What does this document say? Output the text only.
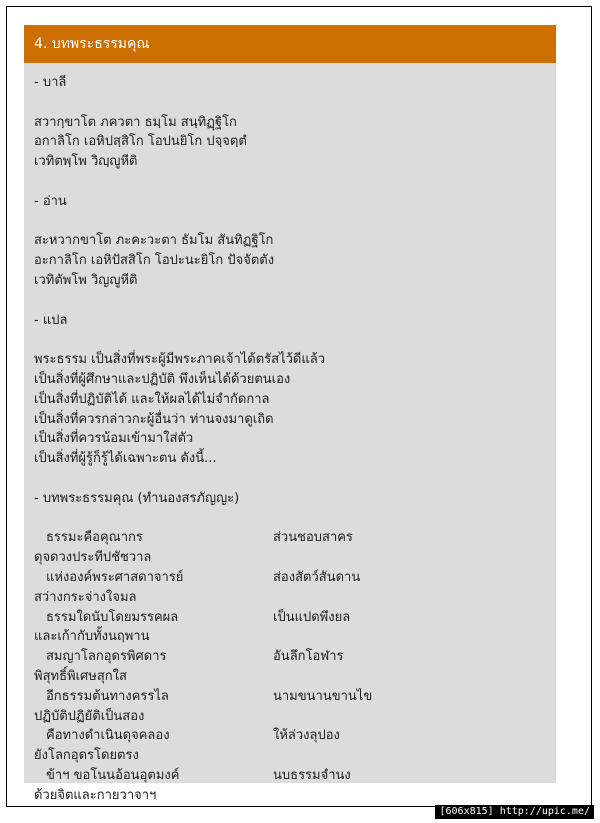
4. บทพระธรรมคุณ
- บาลี
สวากฺขาโต ภควตา ธมฺโม สนฺทิฏฺฐิโก
อกาลิโก เอหิปสฺสิโก โอปนยิโก ปจฺจตฺตํ
เวทิตพฺโพ วิญฺญูหีติ
- อ่าน
สะหวากขาโต ภะคะวะตา ธัมโม สันทิฏฐิโก
อะกาลิโก เอหิปัสสิโก โอปะนะยิโก ปัจจัตตัง
เวทิตัพโพ วิญญูหีติ
- แปล
พระธรรม เป็นสิ่งที่พระผู้มีพระภาคเจ้าได้ตรัสไว้ดีแล้ว
เป็นสิ่งที่ผู้ศึกษาและปฏิบัติ พึงเห็นได้ด้วยตนเอง
เป็นสิ่งที่ปฏิบัติได้ และให้ผลได้ไม่จำกัดกาล
เป็นสิ่งที่ควรกล่าวกะผู้อื่นว่า ท่านจงมาดูเถิด
เป็นสิ่งที่ควรน้อมเข้ามาใส่ตัว
เป็นสิ่งที่ผู้รู้ก็รู้ได้เฉพาะตน ดังนี้...
- บทพระธรรมคุณ (ทำนองสรภัญญะ)
ธรรมะคือคุณากร	ส่วนชอบสาคร
ดุจดวงประทีปชัชวาล
แห่งองค์พระศาสดาจารย์	ส่องสัตว์สันดาน
สว่างกระจ่างใจมล
ธรรมใดนับโดยมรรคผล	เป็นแปดพึงยล
และเก้ากับทั้งนฤพาน
สมญาโลกอุดรพิศดาร	อันลึกโอฬาร
พิสุทธิ์พิเศษสุกใส
อีกธรรมต้นทางครรไล	นามขนานขานไข
ปฏิบัติปฏิยัติเป็นสอง
คือทางดำเนินดุจคลอง	ให้ล่วงลุปอง
ยังโลกอุดรโดยตรง
ข้าฯ ขอโนนอ้อนอุตมงค์	นบธรรมจำนง
ด้วยจิตและกายวาจาฯ
[606x815] http://upic.me/
